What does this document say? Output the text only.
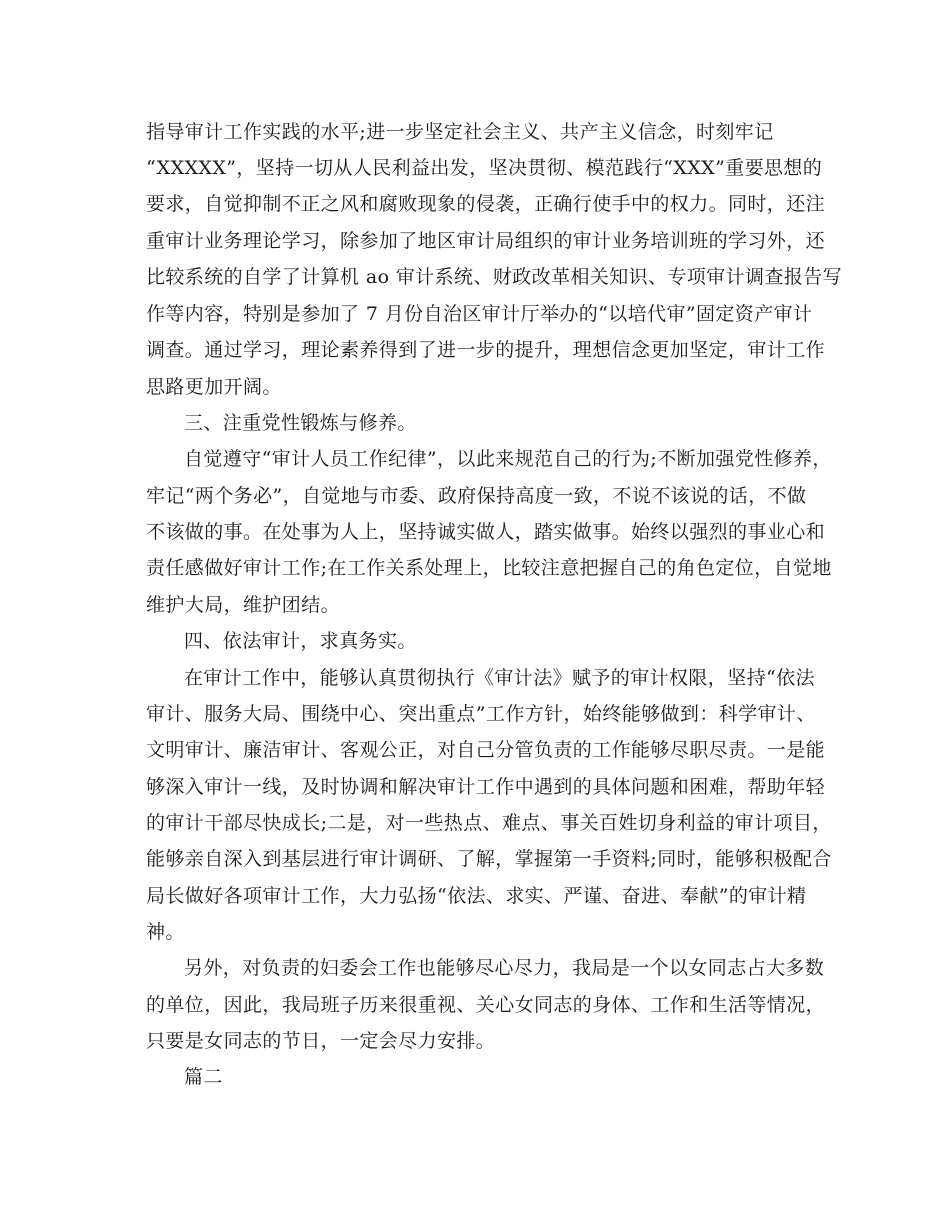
指导审计工作实践的水平;进一步坚定社会主义、共产主义信念，时刻牢记
“XXXXX”，坚持一切从人民利益出发，坚决贯彻、模范践行“XXX”重要思想的
要求，自觉抑制不正之风和腐败现象的侵袭，正确行使手中的权力。同时，还注
重审计业务理论学习，除参加了地区审计局组织的审计业务培训班的学习外，还
比较系统的自学了计算机 ao 审计系统、财政改革相关知识、专项审计调查报告写
作等内容，特别是参加了 7 月份自治区审计厅举办的“以培代审”固定资产审计
调查。通过学习，理论素养得到了进一步的提升，理想信念更加坚定，审计工作
思路更加开阔。
三、注重党性锻炼与修养。
自觉遵守“审计人员工作纪律”，以此来规范自己的行为;不断加强党性修养，
牢记“两个务必”，自觉地与市委、政府保持高度一致，不说不该说的话，不做
不该做的事。在处事为人上，坚持诚实做人，踏实做事。始终以强烈的事业心和
责任感做好审计工作;在工作关系处理上，比较注意把握自己的角色定位，自觉地
维护大局，维护团结。
四、依法审计，求真务实。
在审计工作中，能够认真贯彻执行《审计法》赋予的审计权限，坚持“依法
审计、服务大局、围绕中心、突出重点”工作方针，始终能够做到：科学审计、
文明审计、廉洁审计、客观公正，对自己分管负责的工作能够尽职尽责。一是能
够深入审计一线，及时协调和解决审计工作中遇到的具体问题和困难，帮助年轻
的审计干部尽快成长;二是，对一些热点、难点、事关百姓切身利益的审计项目，
能够亲自深入到基层进行审计调研、了解，掌握第一手资料;同时，能够积极配合
局长做好各项审计工作，大力弘扬“依法、求实、严谨、奋进、奉献”的审计精
神。
另外，对负责的妇委会工作也能够尽心尽力，我局是一个以女同志占大多数
的单位，因此，我局班子历来很重视、关心女同志的身体、工作和生活等情况，
只要是女同志的节日，一定会尽力安排。
篇二
